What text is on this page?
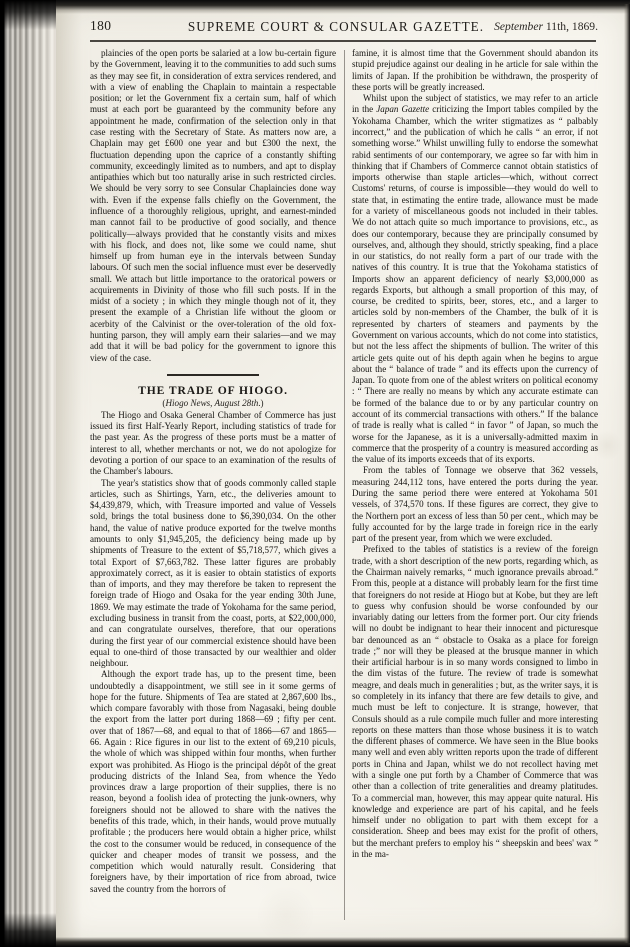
180	SUPREME COURT & CONSULAR GAZETTE. September 11th, 1869.

plaincies of the open ports be salaried at a low bu-certain figure by the Government, leaving it to the communities to add such sums as they may see fit, in consideration of extra services rendered, and with a view of enabling the Chaplain to maintain a respectable position; or let the Government fix a certain sum, half of which must at each port be guaranteed by the community before any appointment he made, confirmation of the selection only in that case resting with the Secretary of State. As matters now are, a Chaplain may get £600 one year and but £300 the next, the fluctuation depending upon the caprice of a constantly shifting community, exceedingly limited as to numbers, and apt to display antipathies which but too naturally arise in such restricted circles. We should be very sorry to see Consular Chaplaincies done way with. Even if the expense falls chiefly on the Government, the influence of a thoroughly religious, upright, and earnest-minded man cannot fail to be productive of good socially, and thence politically—always provided that he constantly visits and mixes with his flock, and does not, like some we could name, shut himself up from human eye in the intervals between Sunday labours. Of such men the social influence must ever be deservedly small. We attach but little importance to the oratorical powers or acquirements in Divinity of those who fill such posts. If in the midst of a society ; in which they mingle though not of it, they present the example of a Christian life without the gloom or acerbity of the Calvinist or the over-toleration of the old fox-hunting parson, they will amply earn their salaries—and we may add that it will be bad policy for the government to ignore this view of the case.

THE TRADE OF HIOGO.
(Hiogo News, August 28th.)

The Hiogo and Osaka General Chamber of Commerce has just issued its first Half-Yearly Report, including statistics of trade for the past year. As the progress of these ports must be a matter of interest to all, whether merchants or not, we do not apologize for devoting a portion of our space to an examination of the results of the Chamber's labours.

The year's statistics show that of goods commonly called staple articles, such as Shirtings, Yarn, etc., the deliveries amount to $4,439,879, which, with Treasure imported and value of Vessels sold, brings the total business done to $6,390,034. On the other hand, the value of native produce exported for the twelve months amounts to only $1,945,205, the deficiency being made up by shipments of Treasure to the extent of $5,718,577, which gives a total Export of $7,663,782. These latter figures are probably approximately correct, as it is easier to obtain statistics of exports than of imports, and they may therefore be taken to represent the foreign trade of Hiogo and Osaka for the year ending 30th June, 1869. We may estimate the trade of Yokohama for the same period, excluding business in transit from the coast, ports, at $22,000,000, and can congratulate ourselves, therefore, that our operations during the first year of our commercial existence should have been equal to one-third of those transacted by our wealthier and older neighbour.

Although the export trade has, up to the present time, been undoubtedly a disappointment, we still see in it some germs of hope for the future. Shipments of Tea are stated at 2,867,600 lbs., which compare favorably with those from Nagasaki, being double the export from the latter port during 1868—69 ; fifty per cent. over that of 1867—68, and equal to that of 1866—67 and 1865—66. Again : Rice figures in our list to the extent of 69,210 piculs, the whole of which was shipped within four months, when further export was prohibited. As Hiogo is the principal dépôt of the great producing districts of the Inland Sea, from whence the Yedo provinces draw a large proportion of their supplies, there is no reason, beyond a foolish idea of protecting the junk-owners, why foreigners should not be allowed to share with the natives the benefits of this trade, which, in their hands, would prove mutually profitable ; the producers here would obtain a higher price, whilst the cost to the consumer would be reduced, in consequence of the quicker and cheaper modes of transit we possess, and the competition which would naturally result. Considering that foreigners have, by their importation of rice from abroad, twice saved the country from the horrors of

famine, it is almost time that the Government should abandon its stupid prejudice against our dealing in he article for sale within the limits of Japan. If the prohibition be withdrawn, the prosperity of these ports will be greatly increased.

Whilst upon the subject of statistics, we may refer to an article in the Japan Gazette criticizing the Import tables compiled by the Yokohama Chamber, which the writer stigmatizes as “ palbably incorrect,” and the publication of which he calls “ an error, if not something worse.” Whilst unwilling fully to endorse the somewhat rabid sentiments of our contemporary, we agree so far with him in thinking that if Chambers of Commerce cannot obtain statistics of imports otherwise than staple articles—which, without correct Customs' returns, of course is impossible—they would do well to state that, in estimating the entire trade, allowance must be made for a variety of miscellaneous goods not included in their tables. We do not attach quite so much importance to provisions, etc., as does our contemporary, because they are principally consumed by ourselves, and, although they should, strictly speaking, find a place in our statistics, do not really form a part of our trade with the natives of this country. It is true that the Yokohama statistics of Imports show an apparent deficiency of nearly $3,000,000 as regards Exports, but although a small proportion of this may, of course, be credited to spirits, beer, stores, etc., and a larger to articles sold by non-members of the Chamber, the bulk of it is represented by charters of steamers and payments by the Government on various accounts, which do not come into statistics, but not the less affect the shipments of bullion. The writer of this article gets quite out of his depth again when he begins to argue about the “ balance of trade ” and its effects upon the currency of Japan. To quote from one of the ablest writers on political economy : “ There are really no means by which any accurate estimate can be formed of the balance due to or by any particular country on account of its commercial transactions with others.” If the balance of trade is really what is called “ in favor ” of Japan, so much the worse for the Japanese, as it is a universally-admitted maxim in commerce that the prosperity of a country is measured according as the value of its imports exceeds that of its exports.

From the tables of Tonnage we observe that 362 vessels, measuring 244,112 tons, have entered the ports during the year. During the same period there were entered at Yokohama 501 vessels, of 374,570 tons. If these figures are correct, they give to the Northern port an excess of less than 50 per cent., which may be fully accounted for by the large trade in foreign rice in the early part of the present year, from which we were excluded.

Prefixed to the tables of statistics is a review of the foreign trade, with a short description of the new ports, regarding which, as the Chairman naively remarks, “ much ignorance prevails abroad.” From this, people at a distance will probably learn for the first time that foreigners do not reside at Hiogo but at Kobe, but they are left to guess why confusion should be worse confounded by our invariably dating our letters from the former port. Our city friends will no doubt be indignant to hear their innocent and picturesque bar denounced as an “ obstacle to Osaka as a place for foreign trade ;” nor will they be pleased at the brusque manner in which their artificial harbour is in so many words consigned to limbo in the dim vistas of the future. The review of trade is somewhat meagre, and deals much in generalities ; but, as the writer says, it is so completely in its infancy that there are few details to give, and much must be left to conjecture. It is strange, however, that Consuls should as a rule compile much fuller and more interesting reports on these matters than those whose business it is to watch the different phases of commerce. We have seen in the Blue books many well and even ably written reports upon the trade of different ports in China and Japan, whilst we do not recollect having met with a single one put forth by a Chamber of Commerce that was other than a collection of trite generalities and dreamy platitudes. To a commercial man, however, this may appear quite natural. His knowledge and experience are part of his capital, and he feels himself under no obligation to part with them except for a consideration. Sheep and bees may exist for the profit of others, but the merchant prefers to employ his “ sheepskin and bees' wax ” in the ma-
